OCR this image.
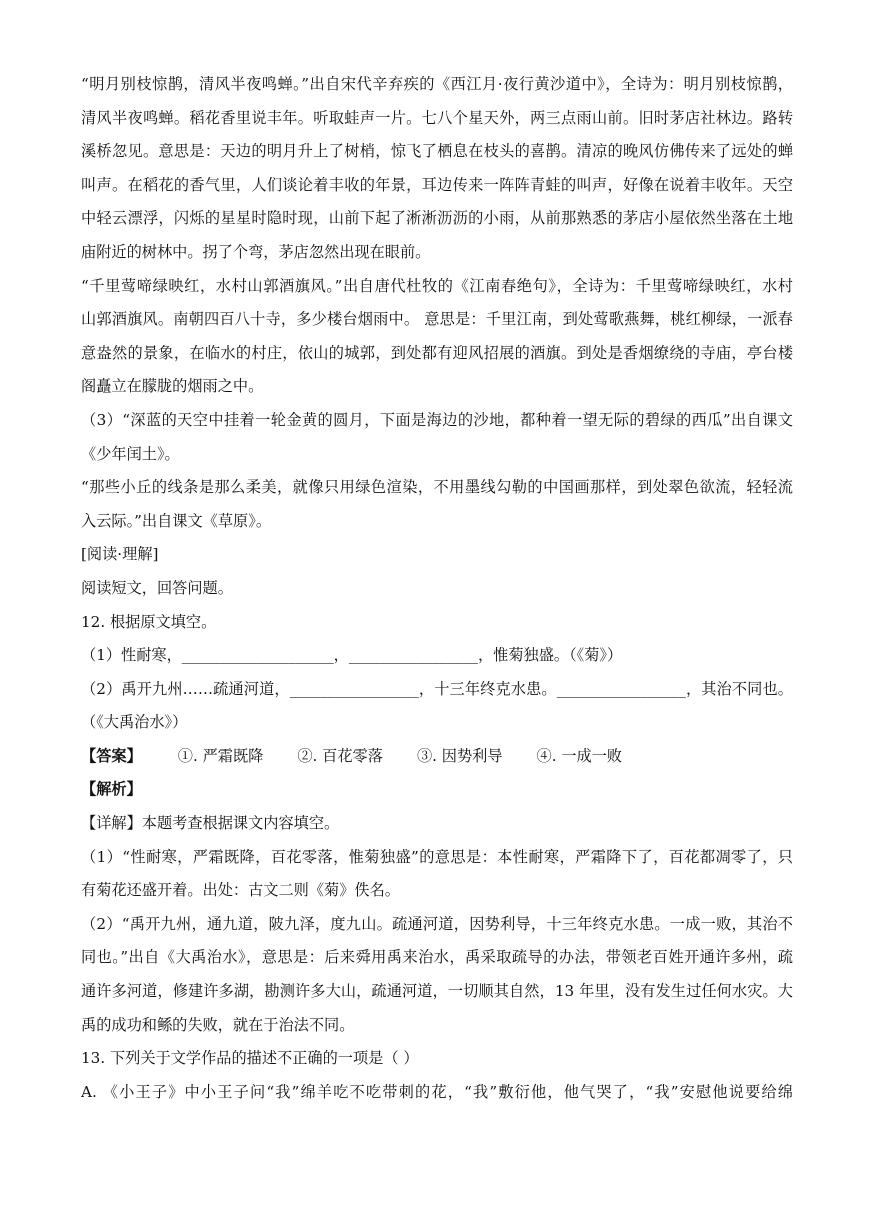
“明月别枝惊鹊，清风半夜鸣蝉。”出自宋代辛弃疾的《西江月·夜行黄沙道中》，全诗为：明月别枝惊鹊，
清风半夜鸣蝉。稻花香里说丰年。听取蛙声一片。七八个星天外，两三点雨山前。旧时茅店社林边。路转
溪桥忽见。意思是：天边的明月升上了树梢，惊飞了栖息在枝头的喜鹊。清凉的晚风仿佛传来了远处的蝉
叫声。在稻花的香气里，人们谈论着丰收的年景，耳边传来一阵阵青蛙的叫声，好像在说着丰收年。天空
中轻云漂浮，闪烁的星星时隐时现，山前下起了淅淅沥沥的小雨，从前那熟悉的茅店小屋依然坐落在土地
庙附近的树林中。拐了个弯，茅店忽然出现在眼前。
“千里莺啼绿映红，水村山郭酒旗风。”出自唐代杜牧的《江南春绝句》，全诗为：千里莺啼绿映红，水村
山郭酒旗风。南朝四百八十寺，多少楼台烟雨中。 意思是：千里江南，到处莺歌燕舞，桃红柳绿，一派春
意盎然的景象，在临水的村庄，依山的城郭，到处都有迎风招展的酒旗。到处是香烟缭绕的寺庙，亭台楼
阁矗立在朦胧的烟雨之中。
（3）“深蓝的天空中挂着一轮金黄的圆月，下面是海边的沙地，都种着一望无际的碧绿的西瓜”出自课文
《少年闰土》。
“那些小丘的线条是那么柔美，就像只用绿色渲染，不用墨线勾勒的中国画那样，到处翠色欲流，轻轻流
入云际。”出自课文《草原》。
[阅读·理解]
阅读短文，回答问题。
12. 根据原文填空。
（1）性耐寒，____________________，_________________，惟菊独盛。（《菊》）
（2）禹开九州……疏通河道，_________________，十三年终克水患。_________________，其治不同也。
（《大禹治水》）
【答案】 ①. 严霜既降 ②. 百花零落 ③. 因势利导 ④. 一成一败
【解析】
【详解】本题考查根据课文内容填空。
（1）“性耐寒，严霜既降，百花零落，惟菊独盛”的意思是：本性耐寒，严霜降下了，百花都凋零了，只
有菊花还盛开着。出处：古文二则《菊》佚名。
（2）“禹开九州，通九道，陂九泽，度九山。疏通河道，因势利导，十三年终克水患。一成一败，其治不
同也。”出自《大禹治水》，意思是：后来舜用禹来治水，禹采取疏导的办法，带领老百姓开通许多州，疏
通许多河道，修建许多湖，勘测许多大山，疏通河道，一切顺其自然，13 年里，没有发生过任何水灾。大
禹的成功和鲧的失败，就在于治法不同。
13. 下列关于文学作品的描述不正确的一项是（ ）
A. 《小王子》中小王子问“我”绵羊吃不吃带刺的花，“我”敷衍他，他气哭了，“我”安慰他说要给绵
